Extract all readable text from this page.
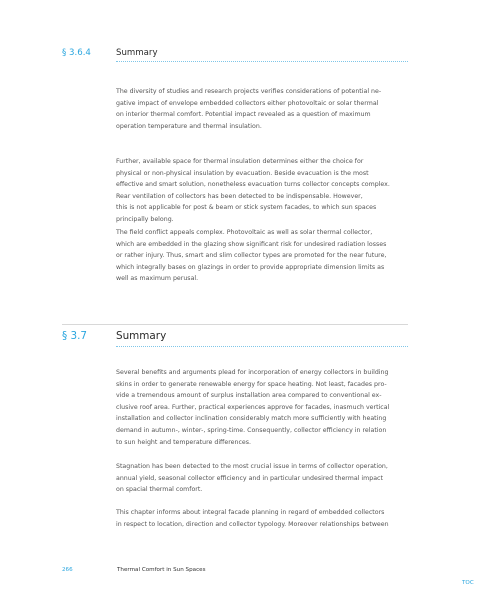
§ 3.6.4	Summary

The diversity of studies and research projects verifies considerations of potential ne-
gative impact of envelope embedded collectors either photovoltaic or solar thermal
on interior thermal comfort. Potential impact revealed as a question of maximum
operation temperature and thermal insulation.

Further, available space for thermal insulation determines either the choice for
physical or non-physical insulation by evacuation. Beside evacuation is the most
effective and smart solution, nonetheless evacuation turns collector concepts complex.
Rear ventilation of collectors has been detected to be indispensable. However,
this is not applicable for post & beam or stick system facades, to which sun spaces
principally belong.

The field conflict appeals complex. Photovoltaic as well as solar thermal collector,
which are embedded in the glazing show significant risk for undesired radiation losses
or rather injury. Thus, smart and slim collector types are promoted for the near future,
which integrally bases on glazings in order to provide appropriate dimension limits as
well as maximum perusal.

§ 3.7	Summary

Several benefits and arguments plead for incorporation of energy collectors in building
skins in order to generate renewable energy for space heating. Not least, facades pro-
vide a tremendous amount of surplus installation area compared to conventional ex-
clusive roof area. Further, practical experiences approve for facades, inasmuch vertical
installation and collector inclination considerably match more sufficiently with heating
demand in autumn-, winter-, spring-time. Consequently, collector efficiency in relation
to sun height and temperature differences.

Stagnation has been detected to the most crucial issue in terms of collector operation,
annual yield, seasonal collector efficiency and in particular undesired thermal impact
on spacial thermal comfort.

This chapter informs about integral facade planning in regard of embedded collectors
in respect to location, direction and collector typology. Moreover relationships between

266	Thermal Comfort in Sun Spaces
TOC
